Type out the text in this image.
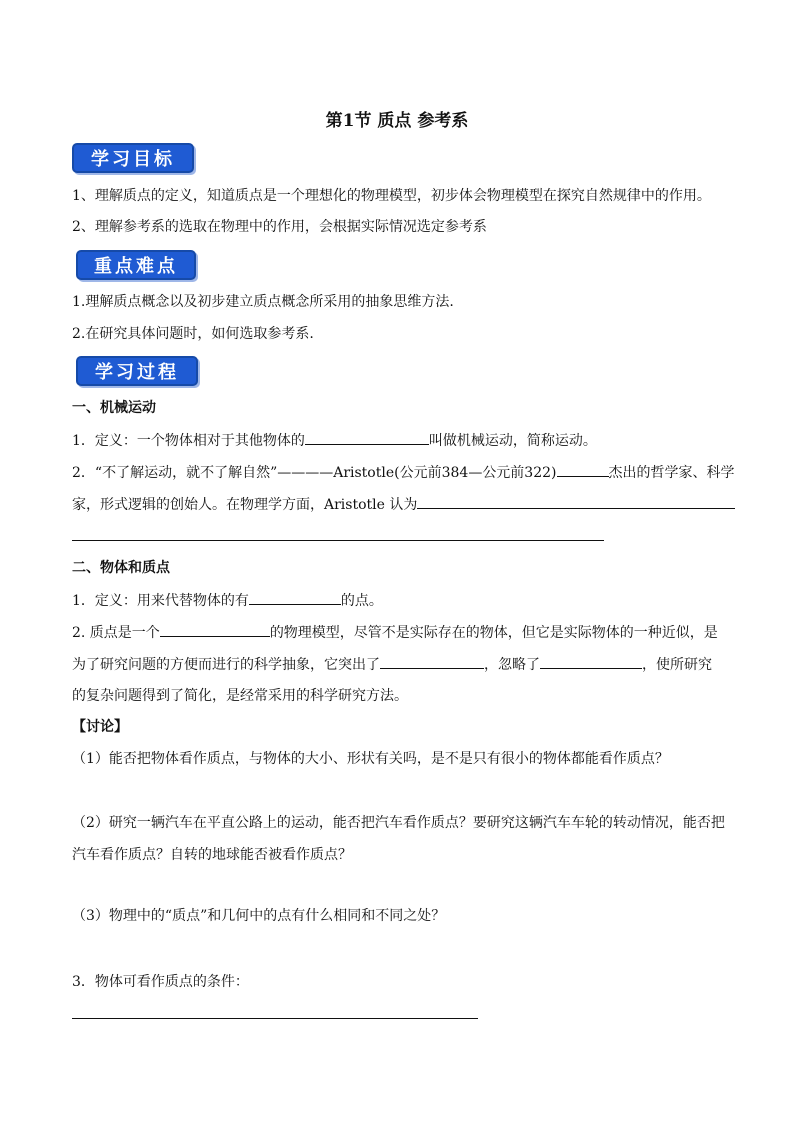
第1节 质点 参考系
学习目标
1、理解质点的定义，知道质点是一个理想化的物理模型，初步体会物理模型在探究自然规律中的作用。
2、理解参考系的选取在物理中的作用，会根据实际情况选定参考系
重点难点
1.理解质点概念以及初步建立质点概念所采用的抽象思维方法.
2.在研究具体问题时，如何选取参考系.
学习过程
一、机械运动
1．定义：一个物体相对于其他物体的	叫做机械运动，简称运动。
2．“不了解运动，就不了解自然”————Aristotle(公元前384—公元前322)	杰出的哲学家、科学
家，形式逻辑的创始人。在物理学方面，Aristotle 认为
二、物体和质点
1．定义：用来代替物体的有	的点。
2. 质点是一个	的物理模型，尽管不是实际存在的物体，但它是实际物体的一种近似，是
为了研究问题的方便而进行的科学抽象，它突出了	，忽略了	，使所研究
的复杂问题得到了简化，是经常采用的科学研究方法。
【讨论】
（1）能否把物体看作质点，与物体的大小、形状有关吗，是不是只有很小的物体都能看作质点？
（2）研究一辆汽车在平直公路上的运动，能否把汽车看作质点？要研究这辆汽车车轮的转动情况，能否把
汽车看作质点？自转的地球能否被看作质点？
（3）物理中的“质点”和几何中的点有什么相同和不同之处？
3．物体可看作质点的条件：
